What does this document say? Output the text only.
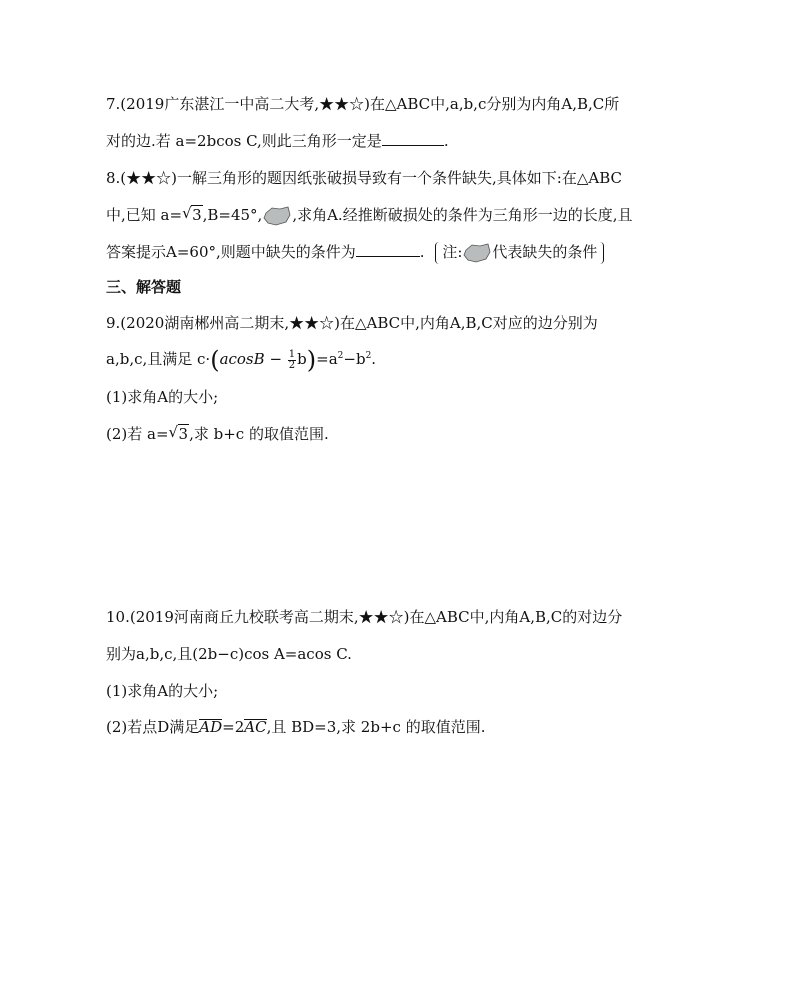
7.(2019广东湛江一中高二大考,★★☆)在△ABC中,a,b,c分别为内角A,B,C所
对的边.若 a=2bcos C,则此三角形一定是	.
8.(★★☆)一解三角形的题因纸张破损导致有一个条件缺失,具体如下:在△ABC
中,已知 a= √ 3,B=45°, ,求角A.经推断破损处的条件为三角形一边的长度,且
答案提示A=60°,则题中缺失的条件为	. 注: 代表缺失的条件
三、解答题
9.(2020湖南郴州高二期末,★★☆)在△ABC中,内角A,B,C对应的边分别为
a,b,c,且满足 $c\cdot(acosB - \frac{1}{2} b)=a^2-b^2$.
(1)求角A的大小;
(2)若 a= √ 3,求 b+c 的取值范围.
10.(2019河南商丘九校联考高二期末,★★☆)在△ABC中,内角A,B,C的对边分
别为a,b,c,且(2b−c)cos A=acos C.
(1)求角A的大小;
(2)若点D满足AD=2AC,且 BD=3,求 2b+c 的取值范围.
